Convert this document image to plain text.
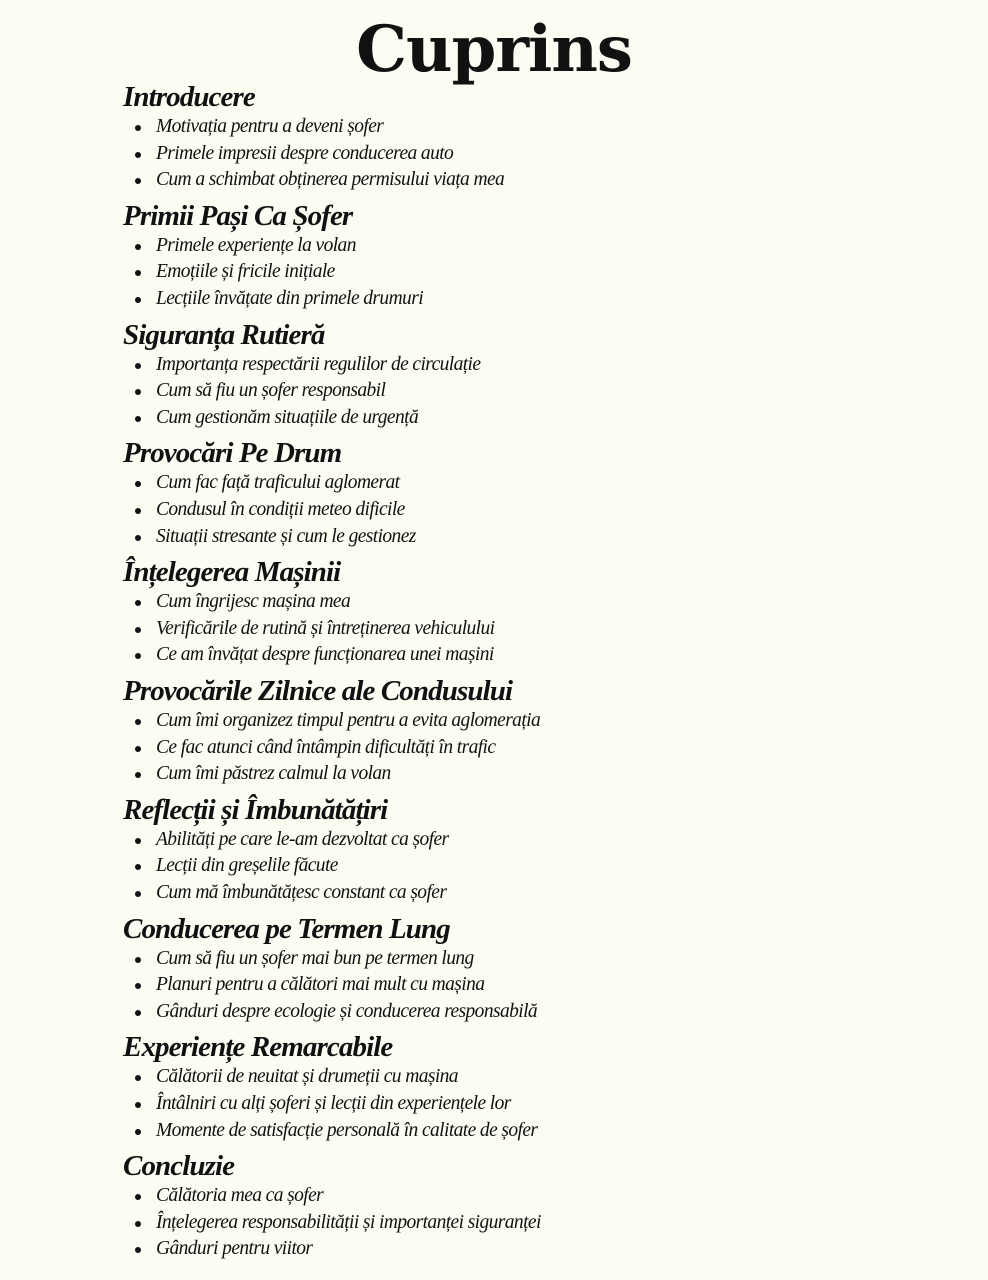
Cuprins
Introducere
Motivația pentru a deveni șofer
Primele impresii despre conducerea auto
Cum a schimbat obținerea permisului viața mea
Primii Pași Ca Șofer
Primele experiențe la volan
Emoțiile și fricile inițiale
Lecțiile învățate din primele drumuri
Siguranța Rutieră
Importanța respectării regulilor de circulație
Cum să fiu un șofer responsabil
Cum gestionăm situațiile de urgență
Provocări Pe Drum
Cum fac față traficului aglomerat
Condusul în condiții meteo dificile
Situații stresante și cum le gestionez
Înțelegerea Mașinii
Cum îngrijesc mașina mea
Verificările de rutină și întreținerea vehiculului
Ce am învățat despre funcționarea unei mașini
Provocările Zilnice ale Condusului
Cum îmi organizez timpul pentru a evita aglomerația
Ce fac atunci când întâmpin dificultăți în trafic
Cum îmi păstrez calmul la volan
Reflecții și Îmbunătățiri
Abilități pe care le-am dezvoltat ca șofer
Lecții din greșelile făcute
Cum mă îmbunătățesc constant ca șofer
Conducerea pe Termen Lung
Cum să fiu un șofer mai bun pe termen lung
Planuri pentru a călători mai mult cu mașina
Gânduri despre ecologie și conducerea responsabilă
Experiențe Remarcabile
Călătorii de neuitat și drumeții cu mașina
Întâlniri cu alți șoferi și lecții din experiențele lor
Momente de satisfacție personală în calitate de șofer
Concluzie
Călătoria mea ca șofer
Înțelegerea responsabilității și importanței siguranței
Gânduri pentru viitor
